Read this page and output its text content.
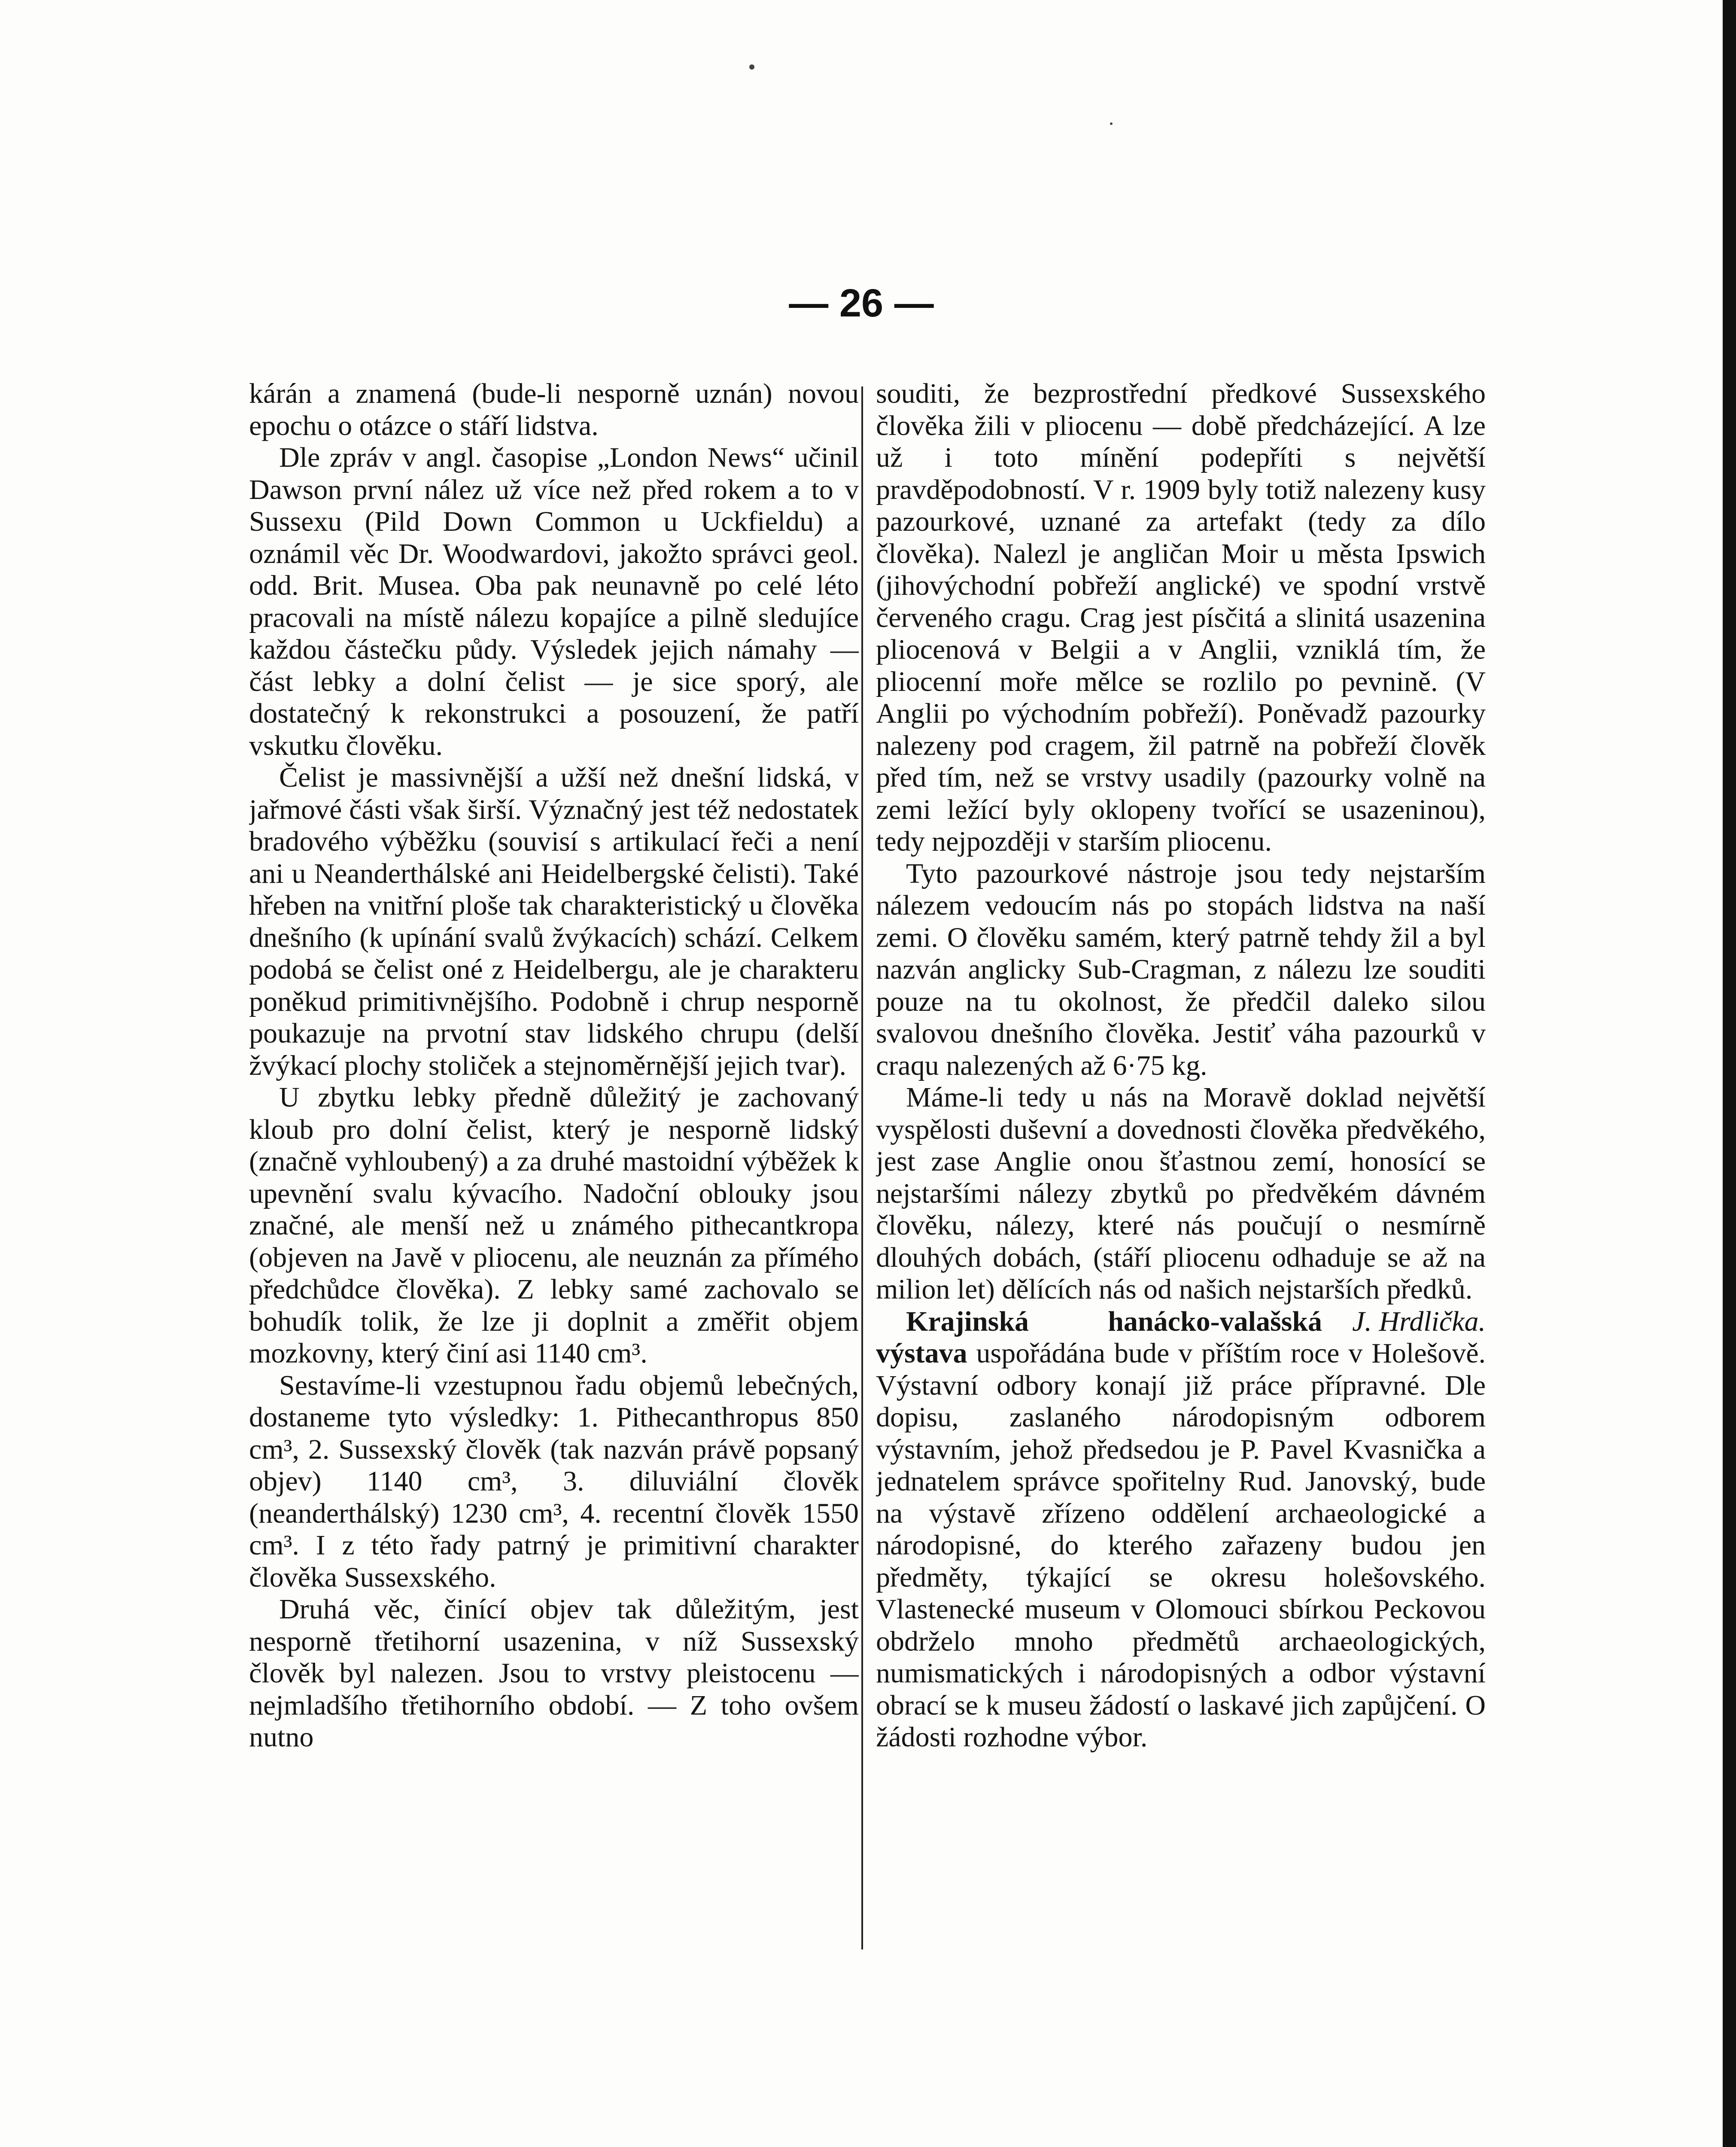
— 26 —

kárán a znamená (bude-li nesporně uznán) novou epochu o otázce o stáří lidstva.

Dle zpráv v angl. časopise „London News“ učinil Dawson první nález už více než před rokem a to v Sussexu (Pild Down Common u Uckfieldu) a oznámil věc Dr. Woodwardovi, jakožto správci geol. odd. Brit. Musea. Oba pak neunavně po celé léto pracovali na místě nálezu kopajíce a pilně sledujíce každou částečku půdy. Výsledek jejich námahy — část lebky a dolní čelist — je sice sporý, ale dostatečný k rekonstrukci a posouzení, že patří vskutku člověku.

Čelist je massivnější a užší než dnešní lidská, v jařmové části však širší. Význačný jest též nedostatek bradového výběžku (souvisí s artikulací řeči a není ani u Neanderthálské ani Heidelbergské čelisti). Také hřeben na vnitřní ploše tak charakteristický u člověka dnešního (k upínání svalů žvýkacích) schází. Celkem podobá se čelist oné z Heidelbergu, ale je charakteru poněkud primitivnějšího. Podobně i chrup nesporně poukazuje na prvotní stav lidského chrupu (delší žvýkací plochy stoliček a stejnoměrnější jejich tvar).

U zbytku lebky předně důležitý je zachovaný kloub pro dolní čelist, který je nesporně lidský (značně vyhloubený) a za druhé mastoidní výběžek k upevnění svalu kývacího. Nadoční oblouky jsou značné, ale menší než u známého pithecantkropa (objeven na Javě v pliocenu, ale neuznán za přímého předchůdce člověka). Z lebky samé zachovalo se bohudík tolik, že lze ji doplnit a změřit objem mozkovny, který činí asi 1140 cm³.

Sestavíme-li vzestupnou řadu objemů lebečných, dostaneme tyto výsledky: 1. Pithecanthropus 850 cm³, 2. Sussexský člověk (tak nazván právě popsaný objev) 1140 cm³, 3. diluviální člověk (neanderthálský) 1230 cm³, 4. recentní člověk 1550 cm³. I z této řady patrný je primitivní charakter člověka Sussexského.

Druhá věc, činící objev tak důležitým, jest nesporně třetihorní usazenina, v níž Sussexský člověk byl nalezen. Jsou to vrstvy pleistocenu — nejmladšího třetihorního období. — Z toho ovšem nutno

souditi, že bezprostřední předkové Sussexského člověka žili v pliocenu — době předcházející. A lze už i toto mínění podepříti s největší pravděpodobností. V r. 1909 byly totiž nalezeny kusy pazourkové, uznané za artefakt (tedy za dílo člověka). Nalezl je angličan Moir u města Ipswich (jihovýchodní pobřeží anglické) ve spodní vrstvě červeného cragu. Crag jest písčitá a slinitá usazenina pliocenová v Belgii a v Anglii, vzniklá tím, že pliocenní moře mělce se rozlilo po pevnině. (V Anglii po východním pobřeží). Poněvadž pazourky nalezeny pod cragem, žil patrně na pobřeží člověk před tím, než se vrstvy usadily (pazourky volně na zemi ležící byly oklopeny tvořící se usazeninou), tedy nejpozději v starším pliocenu.

Tyto pazourkové nástroje jsou tedy nejstarším nálezem vedoucím nás po stopách lidstva na naší zemi. O člověku samém, který patrně tehdy žil a byl nazván anglicky Sub-Cragman, z nálezu lze souditi pouze na tu okolnost, že předčil daleko silou svalovou dnešního člověka. Jestiť váha pazourků v craqu nalezených až 6·75 kg.

Máme-li tedy u nás na Moravě doklad největší vyspělosti duševní a dovednosti člověka předvěkého, jest zase Anglie onou šťastnou zemí, honosící se nejstaršími nálezy zbytků po předvěkém dávném člověku, nálezy, které nás poučují o nesmírně dlouhých dobách, (stáří pliocenu odhaduje se až na milion let) dělících nás od našich nejstarších předků.
J. Hrdlička.

Krajinská hanácko-valašská výstava uspořádána bude v příštím roce v Holešově. Výstavní odbory konají již práce přípravné. Dle dopisu, zaslaného národopisným odborem výstavním, jehož předsedou je P. Pavel Kvasnička a jednatelem správce spořitelny Rud. Janovský, bude na výstavě zřízeno oddělení archaeologické a národopisné, do kterého zařazeny budou jen předměty, týkající se okresu holešovského. Vlastenecké museum v Olomouci sbírkou Peckovou obdrželo mnoho předmětů archaeologických, numismatických i národopisných a odbor výstavní obrací se k museu žádostí o laskavé jich zapůjčení. O žádosti rozhodne výbor.
